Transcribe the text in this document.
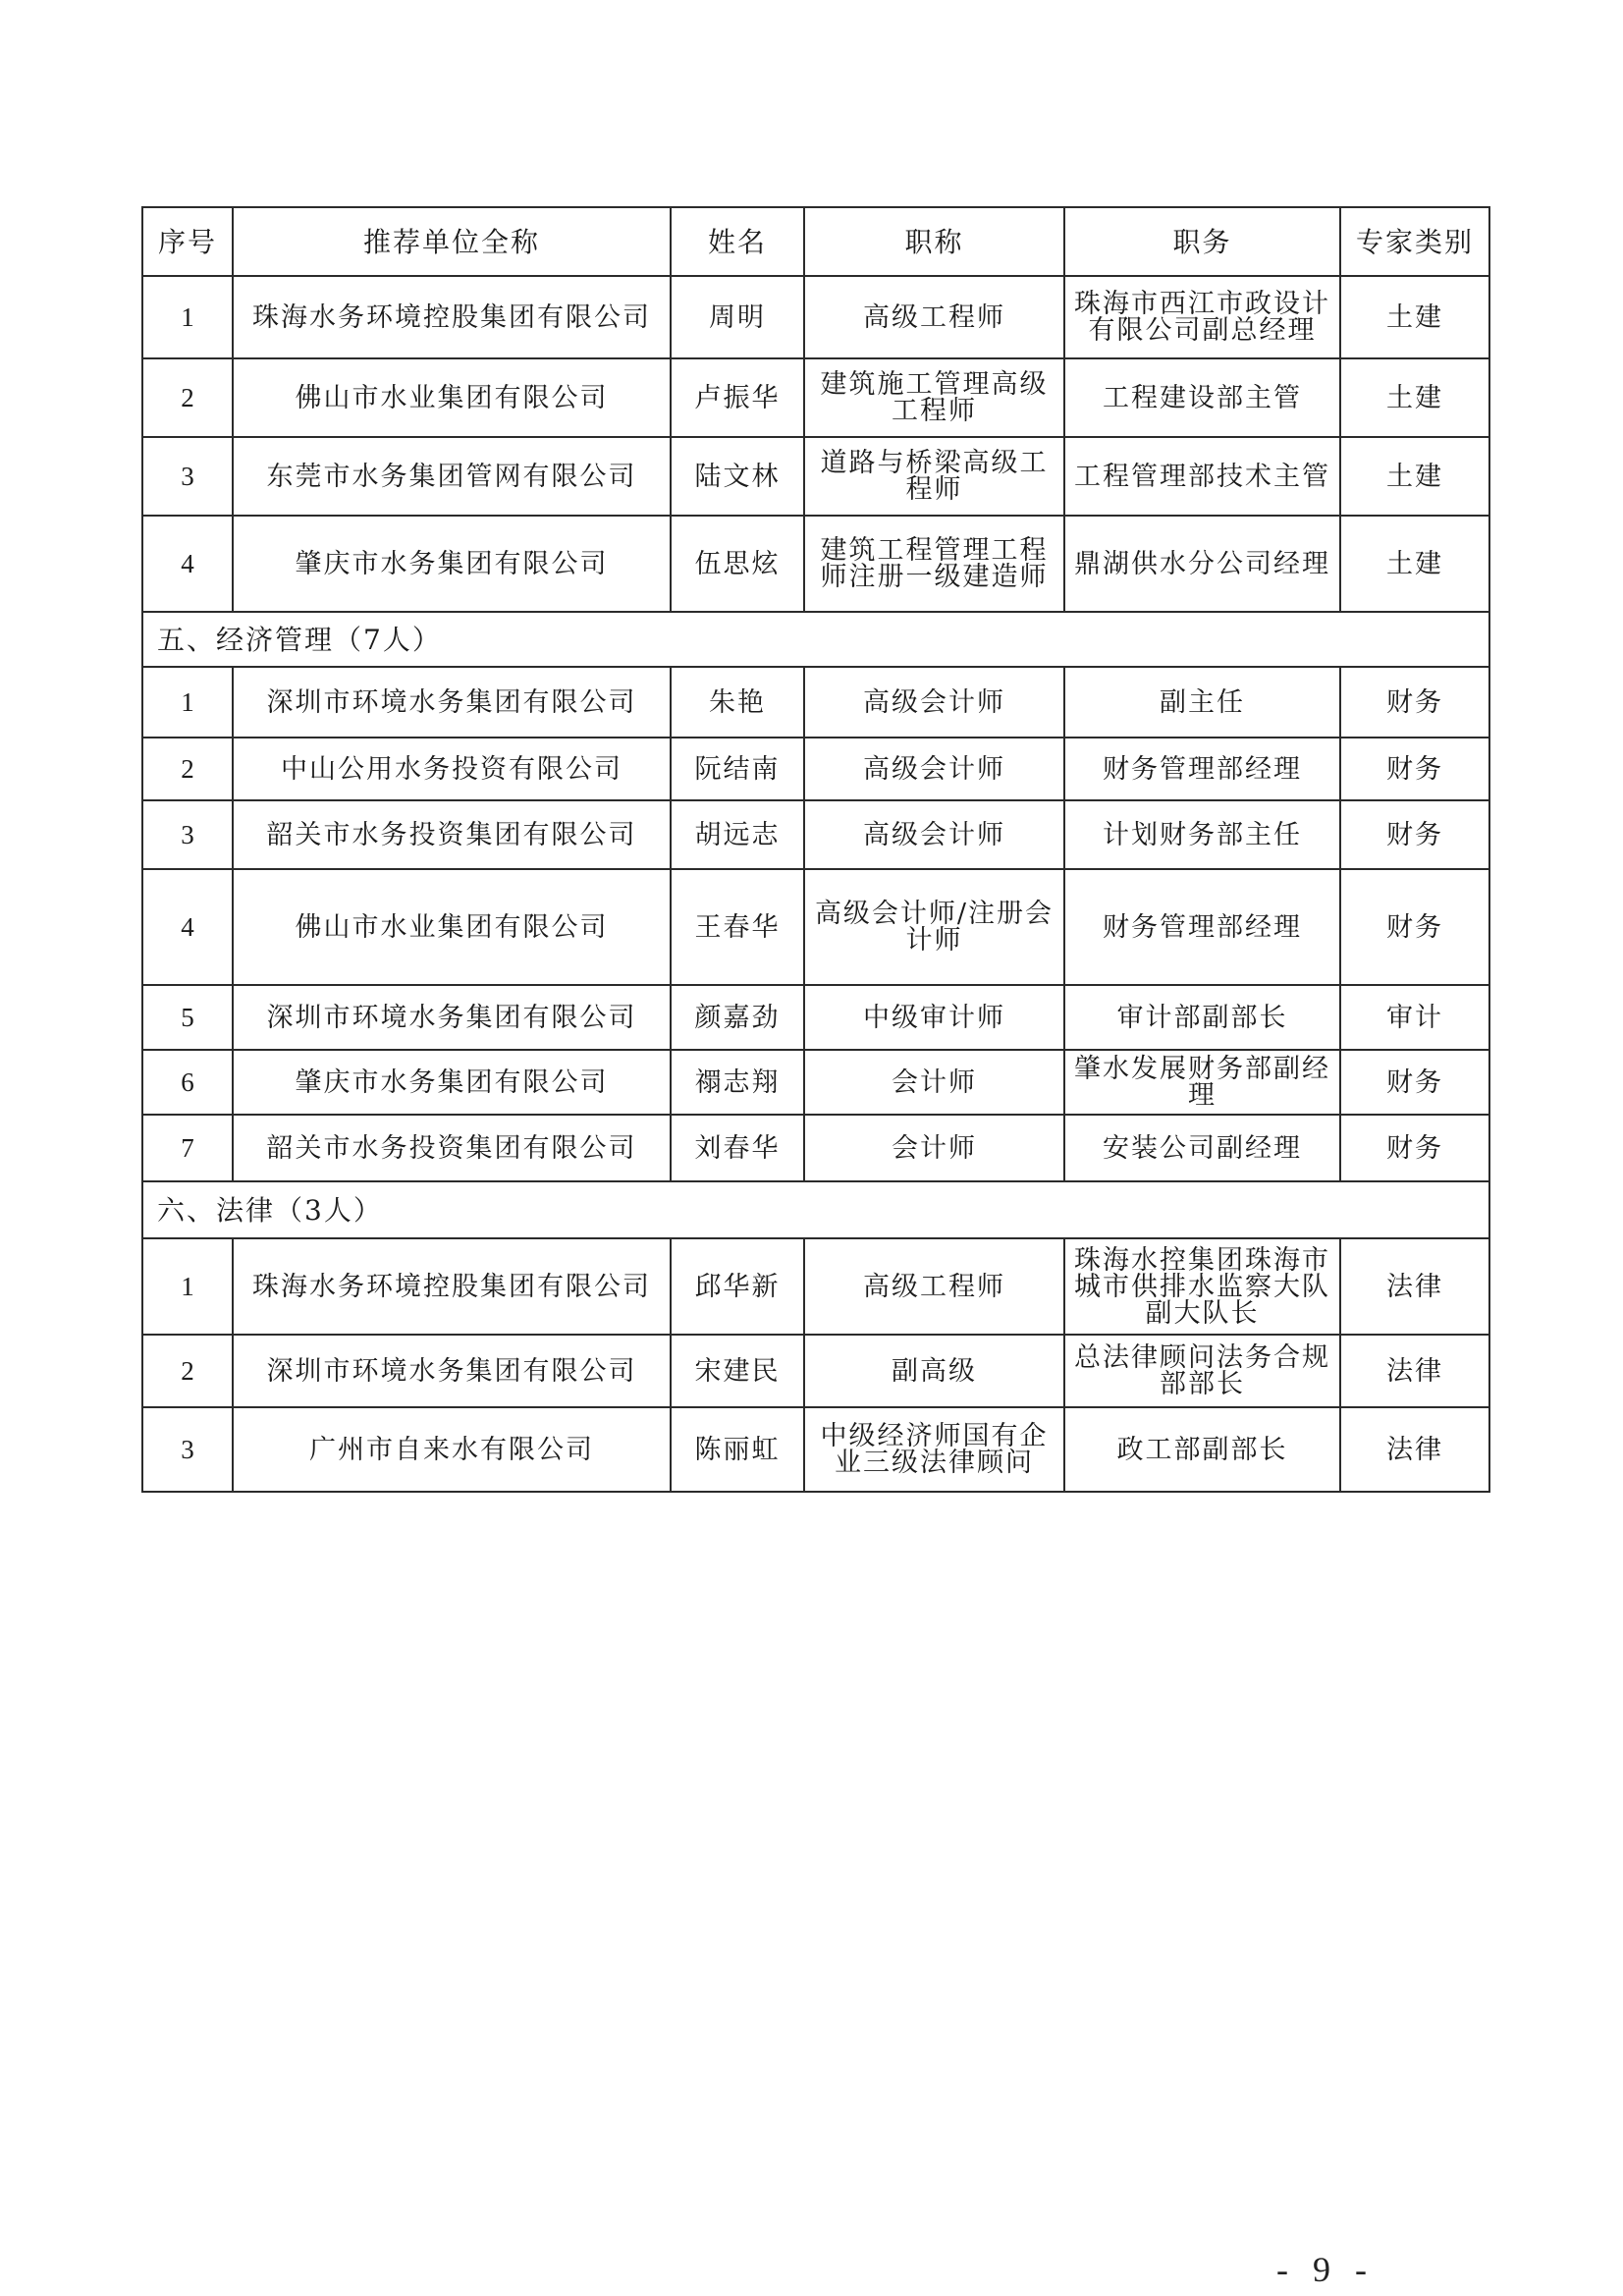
序号	推荐单位全称	姓名	职称	职务	专家类别
1	珠海水务环境控股集团有限公司	周明	高级工程师	珠海市西江市政设计有限公司副总经理	土建
2	佛山市水业集团有限公司	卢振华	建筑施工管理高级工程师	工程建设部主管	土建
3	东莞市水务集团管网有限公司	陆文林	道路与桥梁高级工程师	工程管理部技术主管	土建
4	肇庆市水务集团有限公司	伍思炫	建筑工程管理工程师注册一级建造师	鼎湖供水分公司经理	土建
五、经济管理（7人）					
1	深圳市环境水务集团有限公司	朱艳	高级会计师	副主任	财务
2	中山公用水务投资有限公司	阮结南	高级会计师	财务管理部经理	财务
3	韶关市水务投资集团有限公司	胡远志	高级会计师	计划财务部主任	财务
4	佛山市水业集团有限公司	王春华	高级会计师/注册会计师	财务管理部经理	财务
5	深圳市环境水务集团有限公司	颜嘉劲	中级审计师	审计部副部长	审计
6	肇庆市水务集团有限公司	禤志翔	会计师	肇水发展财务部副经理	财务
7	韶关市水务投资集团有限公司	刘春华	会计师	安装公司副经理	财务
六、法律（3人）					
1	珠海水务环境控股集团有限公司	邱华新	高级工程师	珠海水控集团珠海市城市供排水监察大队副大队长	法律
2	深圳市环境水务集团有限公司	宋建民	副高级	总法律顾问法务合规部部长	法律
3	广州市自来水有限公司	陈丽虹	中级经济师国有企业三级法律顾问	政工部副部长	法律
- 9 -
